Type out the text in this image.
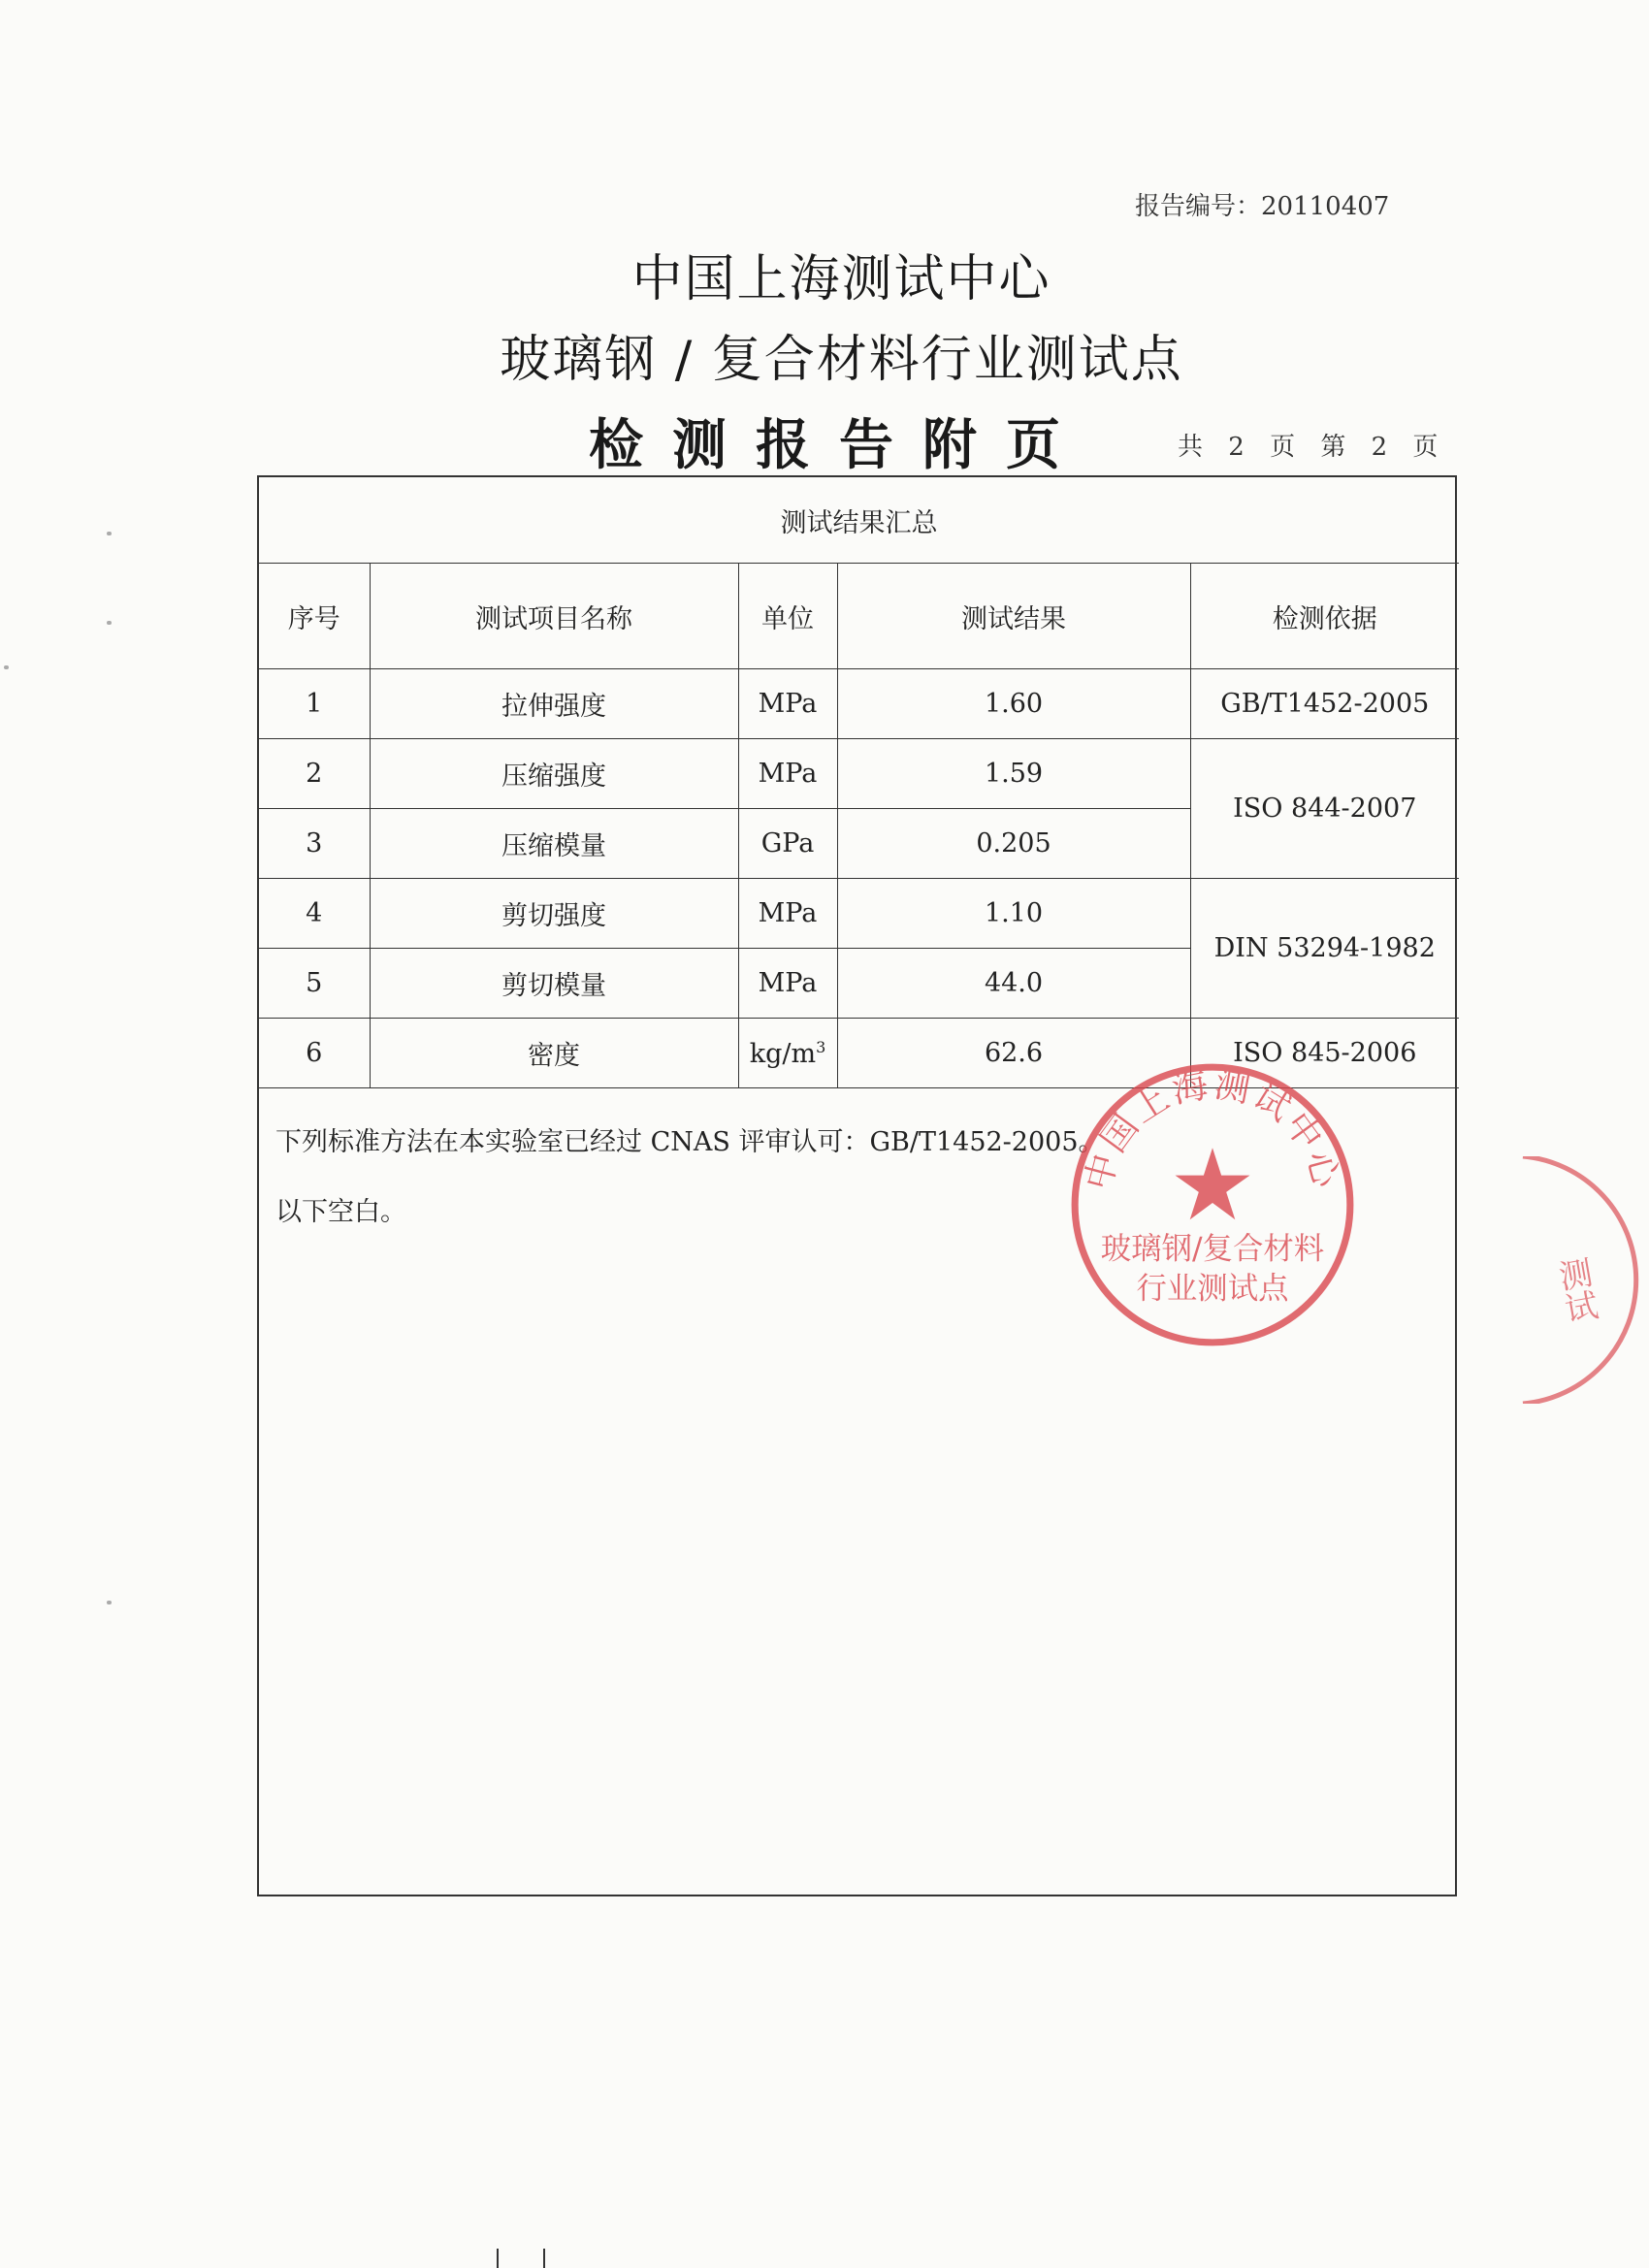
报告编号：20110407
中国上海测试中心
玻璃钢 / 复合材料行业测试点
检测报告附页	共 2 页 第 2 页
测试结果汇总				
序号	测试项目名称	单位	测试结果	检测依据
1	拉伸强度	MPa	1.60	GB/T1452-2005
2	压缩强度	MPa	1.59	ISO 844-2007
3	压缩模量	GPa	0.205	
4	剪切强度	MPa	1.10	DIN 53294-1982
5	剪切模量	MPa	44.0	
6	密度	$kg/m^3$	62.6	ISO 845-2006
下列标准方法在本实验室已经过 CNAS 评审认可：GB/T1452-2005。
以下空白。
中国上海测试中心
玻璃钢/复合材料
行业测试点	测试
